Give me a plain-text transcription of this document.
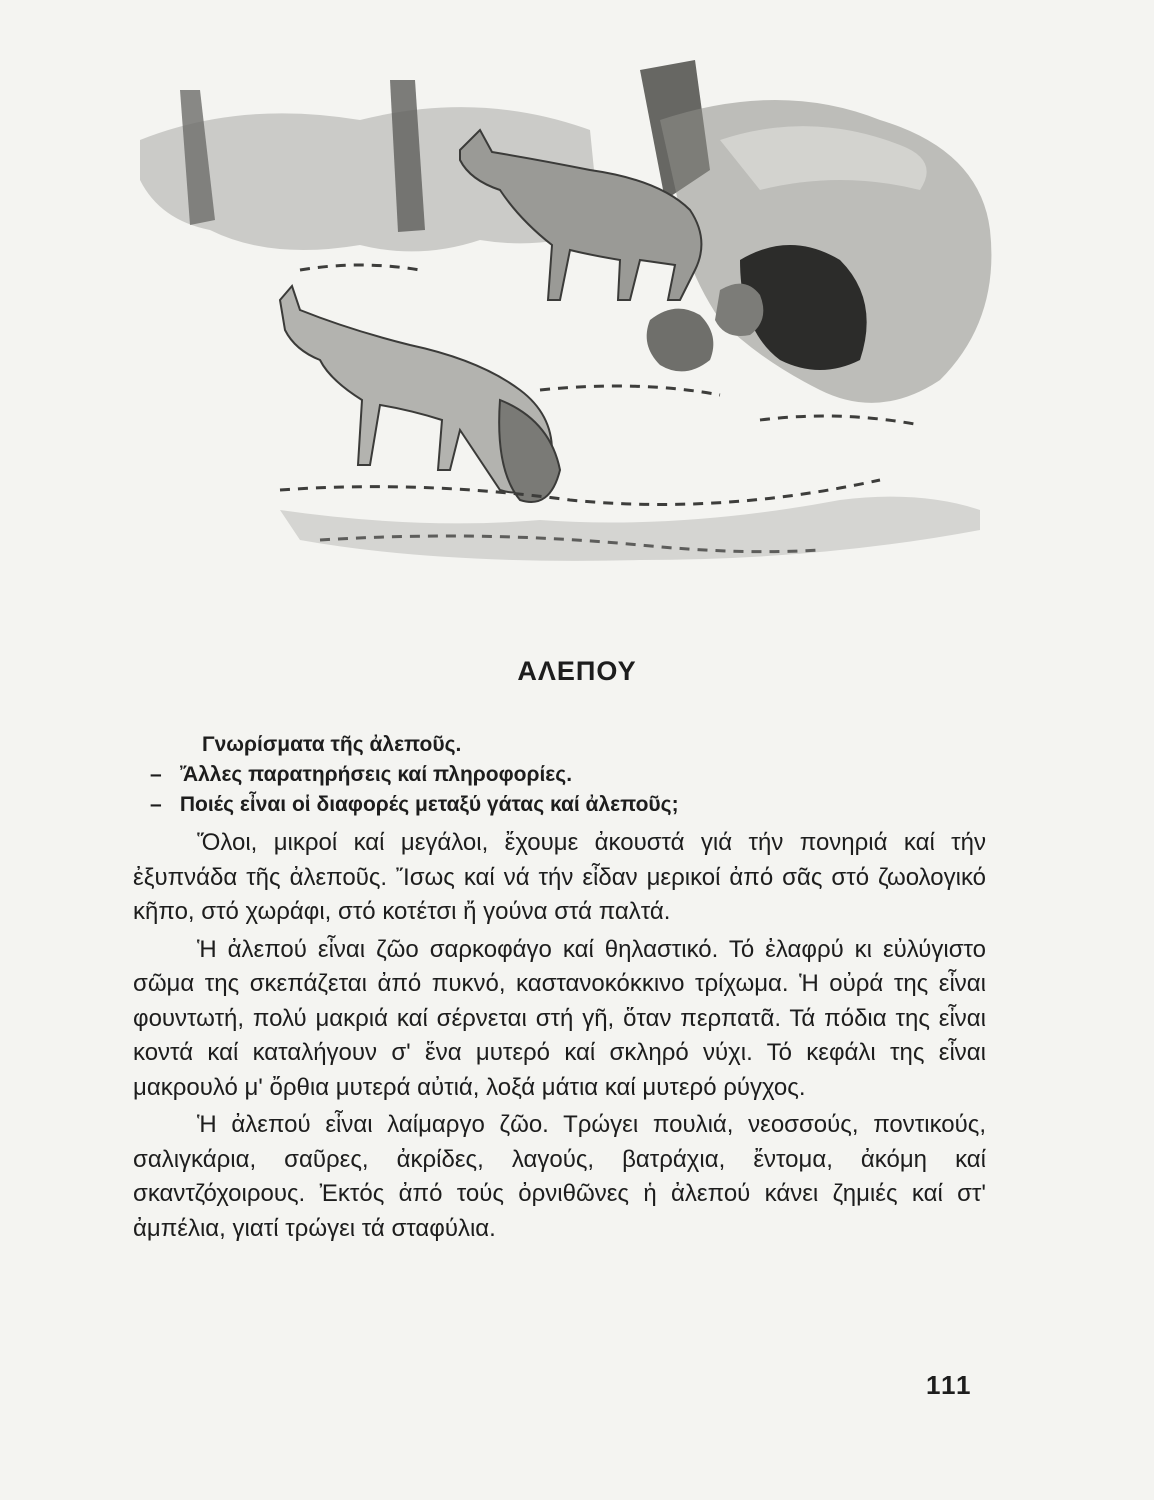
ΑΛΕΠΟΥ
Γνωρίσματα τῆς ἀλεποῦς.
– Ἄλλες παρατηρήσεις καί πληροφορίες.
– Ποιές εἶναι οἱ διαφορές μεταξύ γάτας καί ἀλεποῦς;

Ὅλοι, μικροί καί μεγάλοι, ἔχουμε ἀκουστά γιά τήν πονηριά καί τήν ἐξυπνάδα τῆς ἀλεποῦς. Ἴσως καί νά τήν εἶδαν μερικοί ἀπό σᾶς στό ζωολογικό κῆπο, στό χωράφι, στό κοτέτσι ἤ γούνα στά παλτά.

Ἡ ἀλεπού εἶναι ζῶο σαρκοφάγο καί θηλαστικό. Τό ἐλαφρύ κι εὐλύγιστο σῶμα της σκεπάζεται ἀπό πυκνό, καστανοκόκκινο τρίχωμα. Ἡ οὐρά της εἶναι φουντωτή, πολύ μακριά καί σέρνεται στή γῆ, ὅταν περπατᾶ. Τά πόδια της εἶναι κοντά καί καταλήγουν σ' ἕνα μυτερό καί σκληρό νύχι. Τό κεφάλι της εἶναι μακρουλό μ' ὄρθια μυτερά αὐτιά, λοξά μάτια καί μυτερό ρύγχος.

Ἡ ἀλεπού εἶναι λαίμαργο ζῶο. Τρώγει πουλιά, νεοσσούς, ποντικούς, σαλιγκάρια, σαῦρες, ἀκρίδες, λαγούς, βατράχια, ἔντομα, ἀκόμη καί σκαντζόχοιρους. Ἐκτός ἀπό τούς ὀρνιθῶνες ἡ ἀλεπού κάνει ζημιές καί στ' ἀμπέλια, γιατί τρώγει τά σταφύλια.

111
